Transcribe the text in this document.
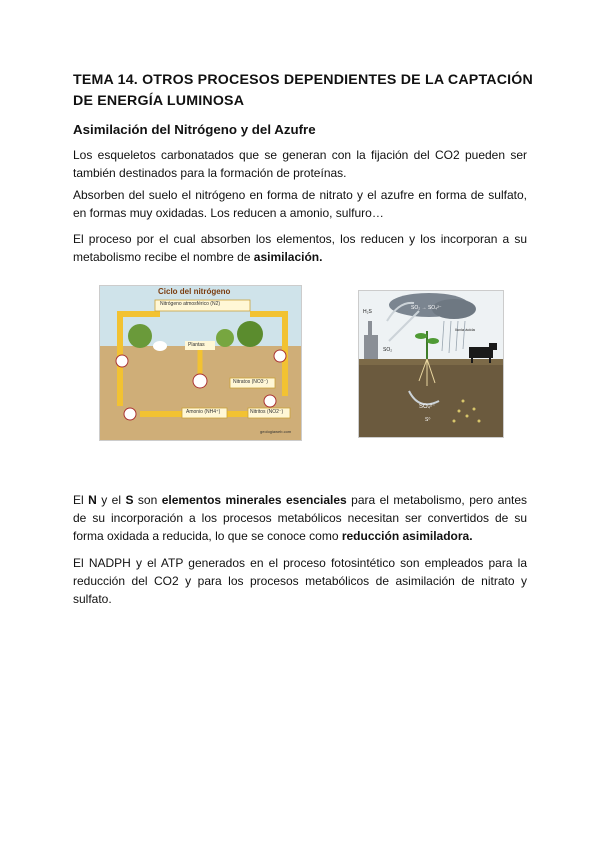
TEMA 14. OTROS PROCESOS DEPENDIENTES DE LA CAPTACIÓN DE ENERGÍA LUMINOSA
Asimilación del Nitrógeno y del Azufre

Los esqueletos carbonatados que se generan con la fijación del CO2 pueden ser también destinados para la formación de proteínas.

Absorben del suelo el nitrógeno en forma de nitrato y el azufre en forma de sulfato, en formas muy oxidadas. Los reducen a amonio, sulfuro…

El proceso por el cual absorben los elementos, los reducen y los incorporan a su metabolismo recibe el nombre de asimilación.

Ciclo del nitrógeno
Nitrógeno atmosférico (N2)
Plantas
Nitratos (NO3⁻)
Nitritos (NO2⁻)
Amonio (NH4⁺)
geologiaweb.com
H₂S
SO₂
SO₂ → SO₄²⁻
lluvia ácida
SO₄²⁻
S⁰

El N y el S son elementos minerales esenciales para el metabolismo, pero antes de su incorporación a los procesos metabólicos necesitan ser convertidos de su forma oxidada a reducida, lo que se conoce como reducción asimiladora.

El NADPH y el ATP generados en el proceso fotosintético son empleados para la reducción del CO2 y para los procesos metabólicos de asimilación de nitrato y sulfato.
